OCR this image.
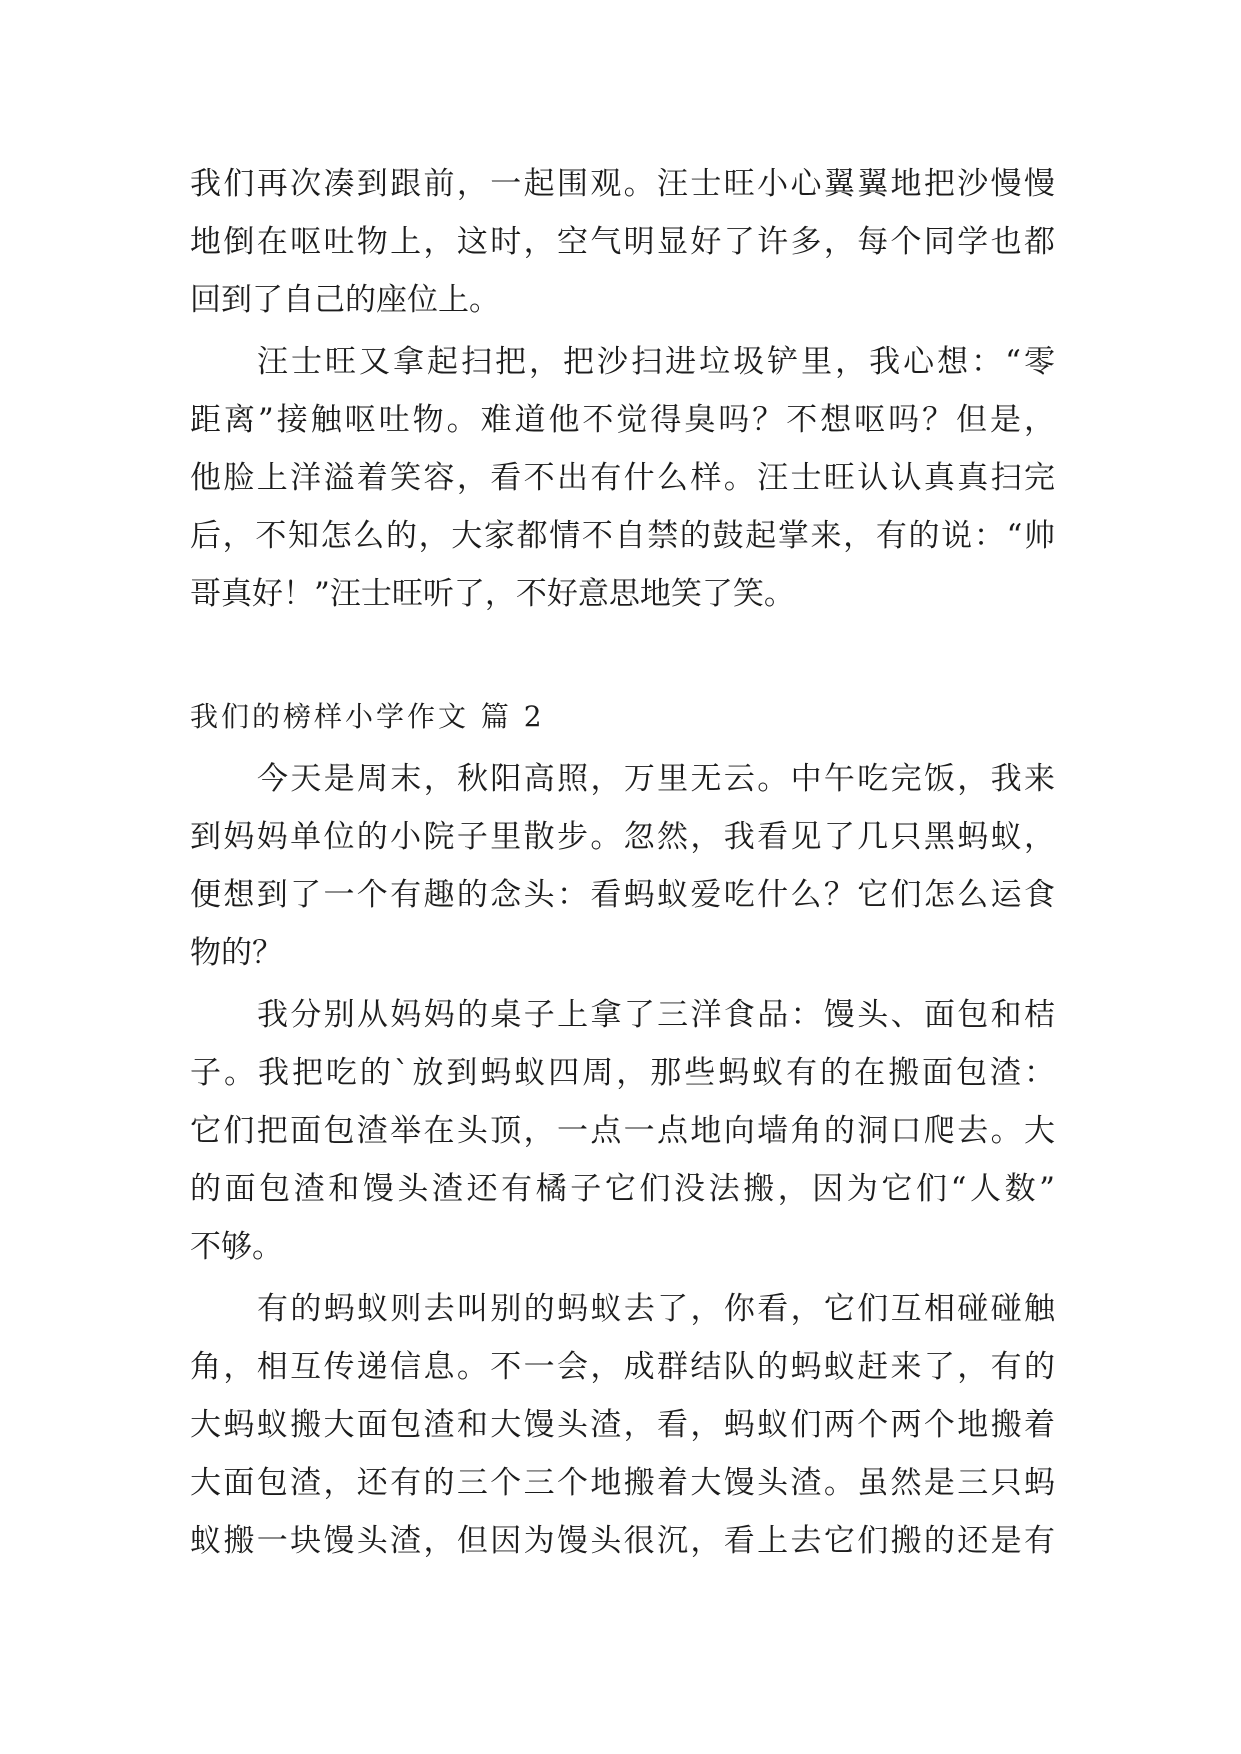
我们再次凑到跟前，一起围观。汪士旺小心翼翼地把沙慢慢
地倒在呕吐物上，这时，空气明显好了许多，每个同学也都
回到了自己的座位上。
汪士旺又拿起扫把，把沙扫进垃圾铲里，我心想：“零
距离”接触呕吐物。难道他不觉得臭吗？不想呕吗？但是，
他脸上洋溢着笑容，看不出有什么样。汪士旺认认真真扫完
后，不知怎么的，大家都情不自禁的鼓起掌来，有的说：“帅
哥真好！”汪士旺听了，不好意思地笑了笑。
我们的榜样小学作文 篇 2
今天是周末，秋阳高照，万里无云。中午吃完饭，我来
到妈妈单位的小院子里散步。忽然，我看见了几只黑蚂蚁，
便想到了一个有趣的念头：看蚂蚁爱吃什么？它们怎么运食
物的？
我分别从妈妈的桌子上拿了三洋食品：馒头、面包和桔
子。我把吃的`放到蚂蚁四周，那些蚂蚁有的在搬面包渣：
它们把面包渣举在头顶，一点一点地向墙角的洞口爬去。大
的面包渣和馒头渣还有橘子它们没法搬，因为它们“人数”
不够。
有的蚂蚁则去叫别的蚂蚁去了，你看，它们互相碰碰触
角，相互传递信息。不一会，成群结队的蚂蚁赶来了，有的
大蚂蚁搬大面包渣和大馒头渣，看，蚂蚁们两个两个地搬着
大面包渣，还有的三个三个地搬着大馒头渣。虽然是三只蚂
蚁搬一块馒头渣，但因为馒头很沉，看上去它们搬的还是有
